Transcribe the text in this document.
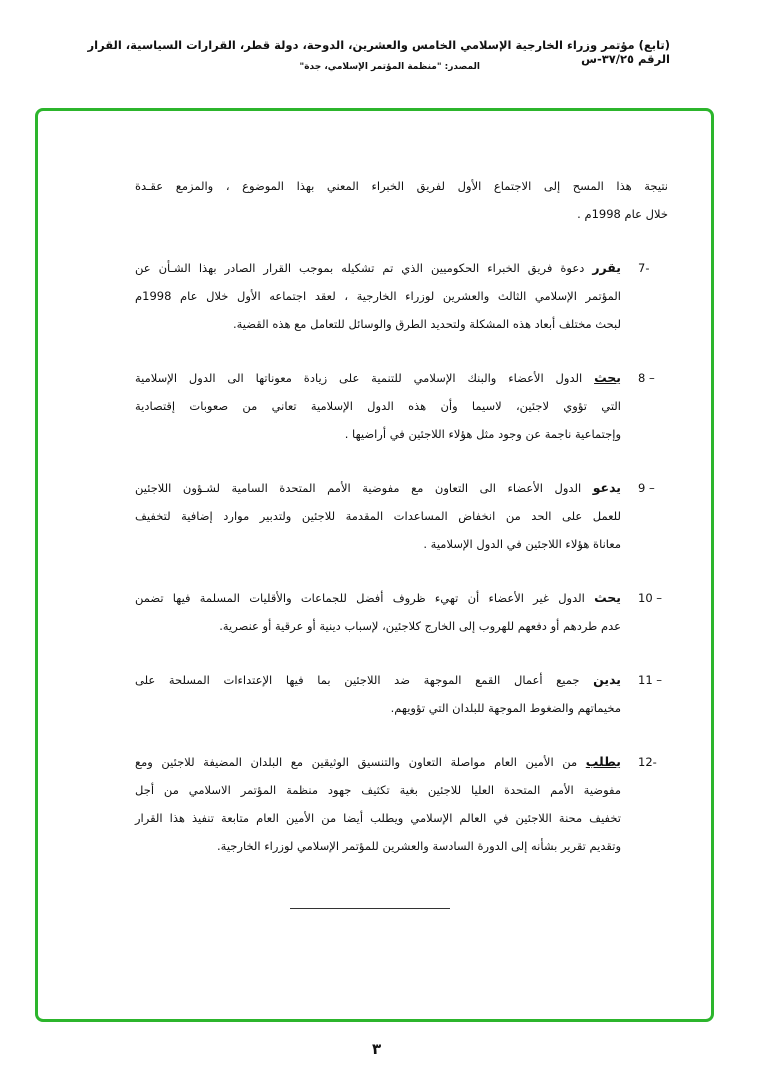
(تابع) مؤتمر وزراء الخارجية الإسلامي الخامس والعشرين، الدوحة، دولة قطر، القرارات السياسية، القرار الرقم ٣٧/٢٥-س
المصدر: "منظمة المؤتمر الإسلامي، جدة"
نتيجة هذا المسح إلى الاجتماع الأول لفريق الخبراء المعني بهذا الموضوع ، والمزمع عقـدة
خلال عام 1998م .
7-
يقرر دعوة فريق الخبراء الحكوميين الذي تم تشكيله بموجب القرار الصادر بهذا الشـأن عن
المؤتمر الإسلامي الثالث والعشرين لوزراء الخارجية ، لعقد اجتماعه الأول خلال عام 1998م
لبحث مختلف أبعاد هذه المشكلة ولتحديد الطرق والوسائل للتعامل مع هذه القضية.
8 –
يحث الدول الأعضاء والبنك الإسلامي للتنمية على زيادة معوناتها الى الدول الإسلامية
التي تؤوي لاجئين، لاسيما وأن هذه الدول الإسلامية تعاني من صعوبات إقتصادية
وإجتماعية ناجمة عن وجود مثل هؤلاء اللاجئين في أراضيها .
9 –
يدعو الدول الأعضاء الى التعاون مع مفوضية الأمم المتحدة السامية لشـؤون اللاجئين
للعمل على الحد من انخفاض المساعدات المقدمة للاجئين ولتدبير موارد إضافية لتخفيف
معاناة هؤلاء اللاجئين في الدول الإسلامية .
10 –
يحث الدول غير الأعضاء أن تهيء ظروف أفضل للجماعات والأقليات المسلمة فيها تضمن
عدم طردهم أو دفعهم للهروب إلى الخارج كلاجئين، لإسباب دينية أو عرقية أو عنصرية.
11 –
يدين جميع أعمال القمع الموجهة ضد اللاجئين بما فيها الإعتداءات المسلحة على
مخيماتهم والضغوط الموجهة للبلدان التي تؤويهم.
12-
يطلب من الأمين العام مواصلة التعاون والتنسيق الوثيقين مع البلدان المضيفة للاجئين ومع
مفوضية الأمم المتحدة العليا للاجئين بغية تكثيف جهود منظمة المؤتمر الاسلامي من أجل
تخفيف محنة اللاجئين في العالم الإسلامي ويطلب أيضا من الأمين العام متابعة تنفيذ هذا القرار
وتقديم تقرير بشأنه إلى الدورة السادسة والعشرين للمؤتمر الإسلامي لوزراء الخارجية.
٣
